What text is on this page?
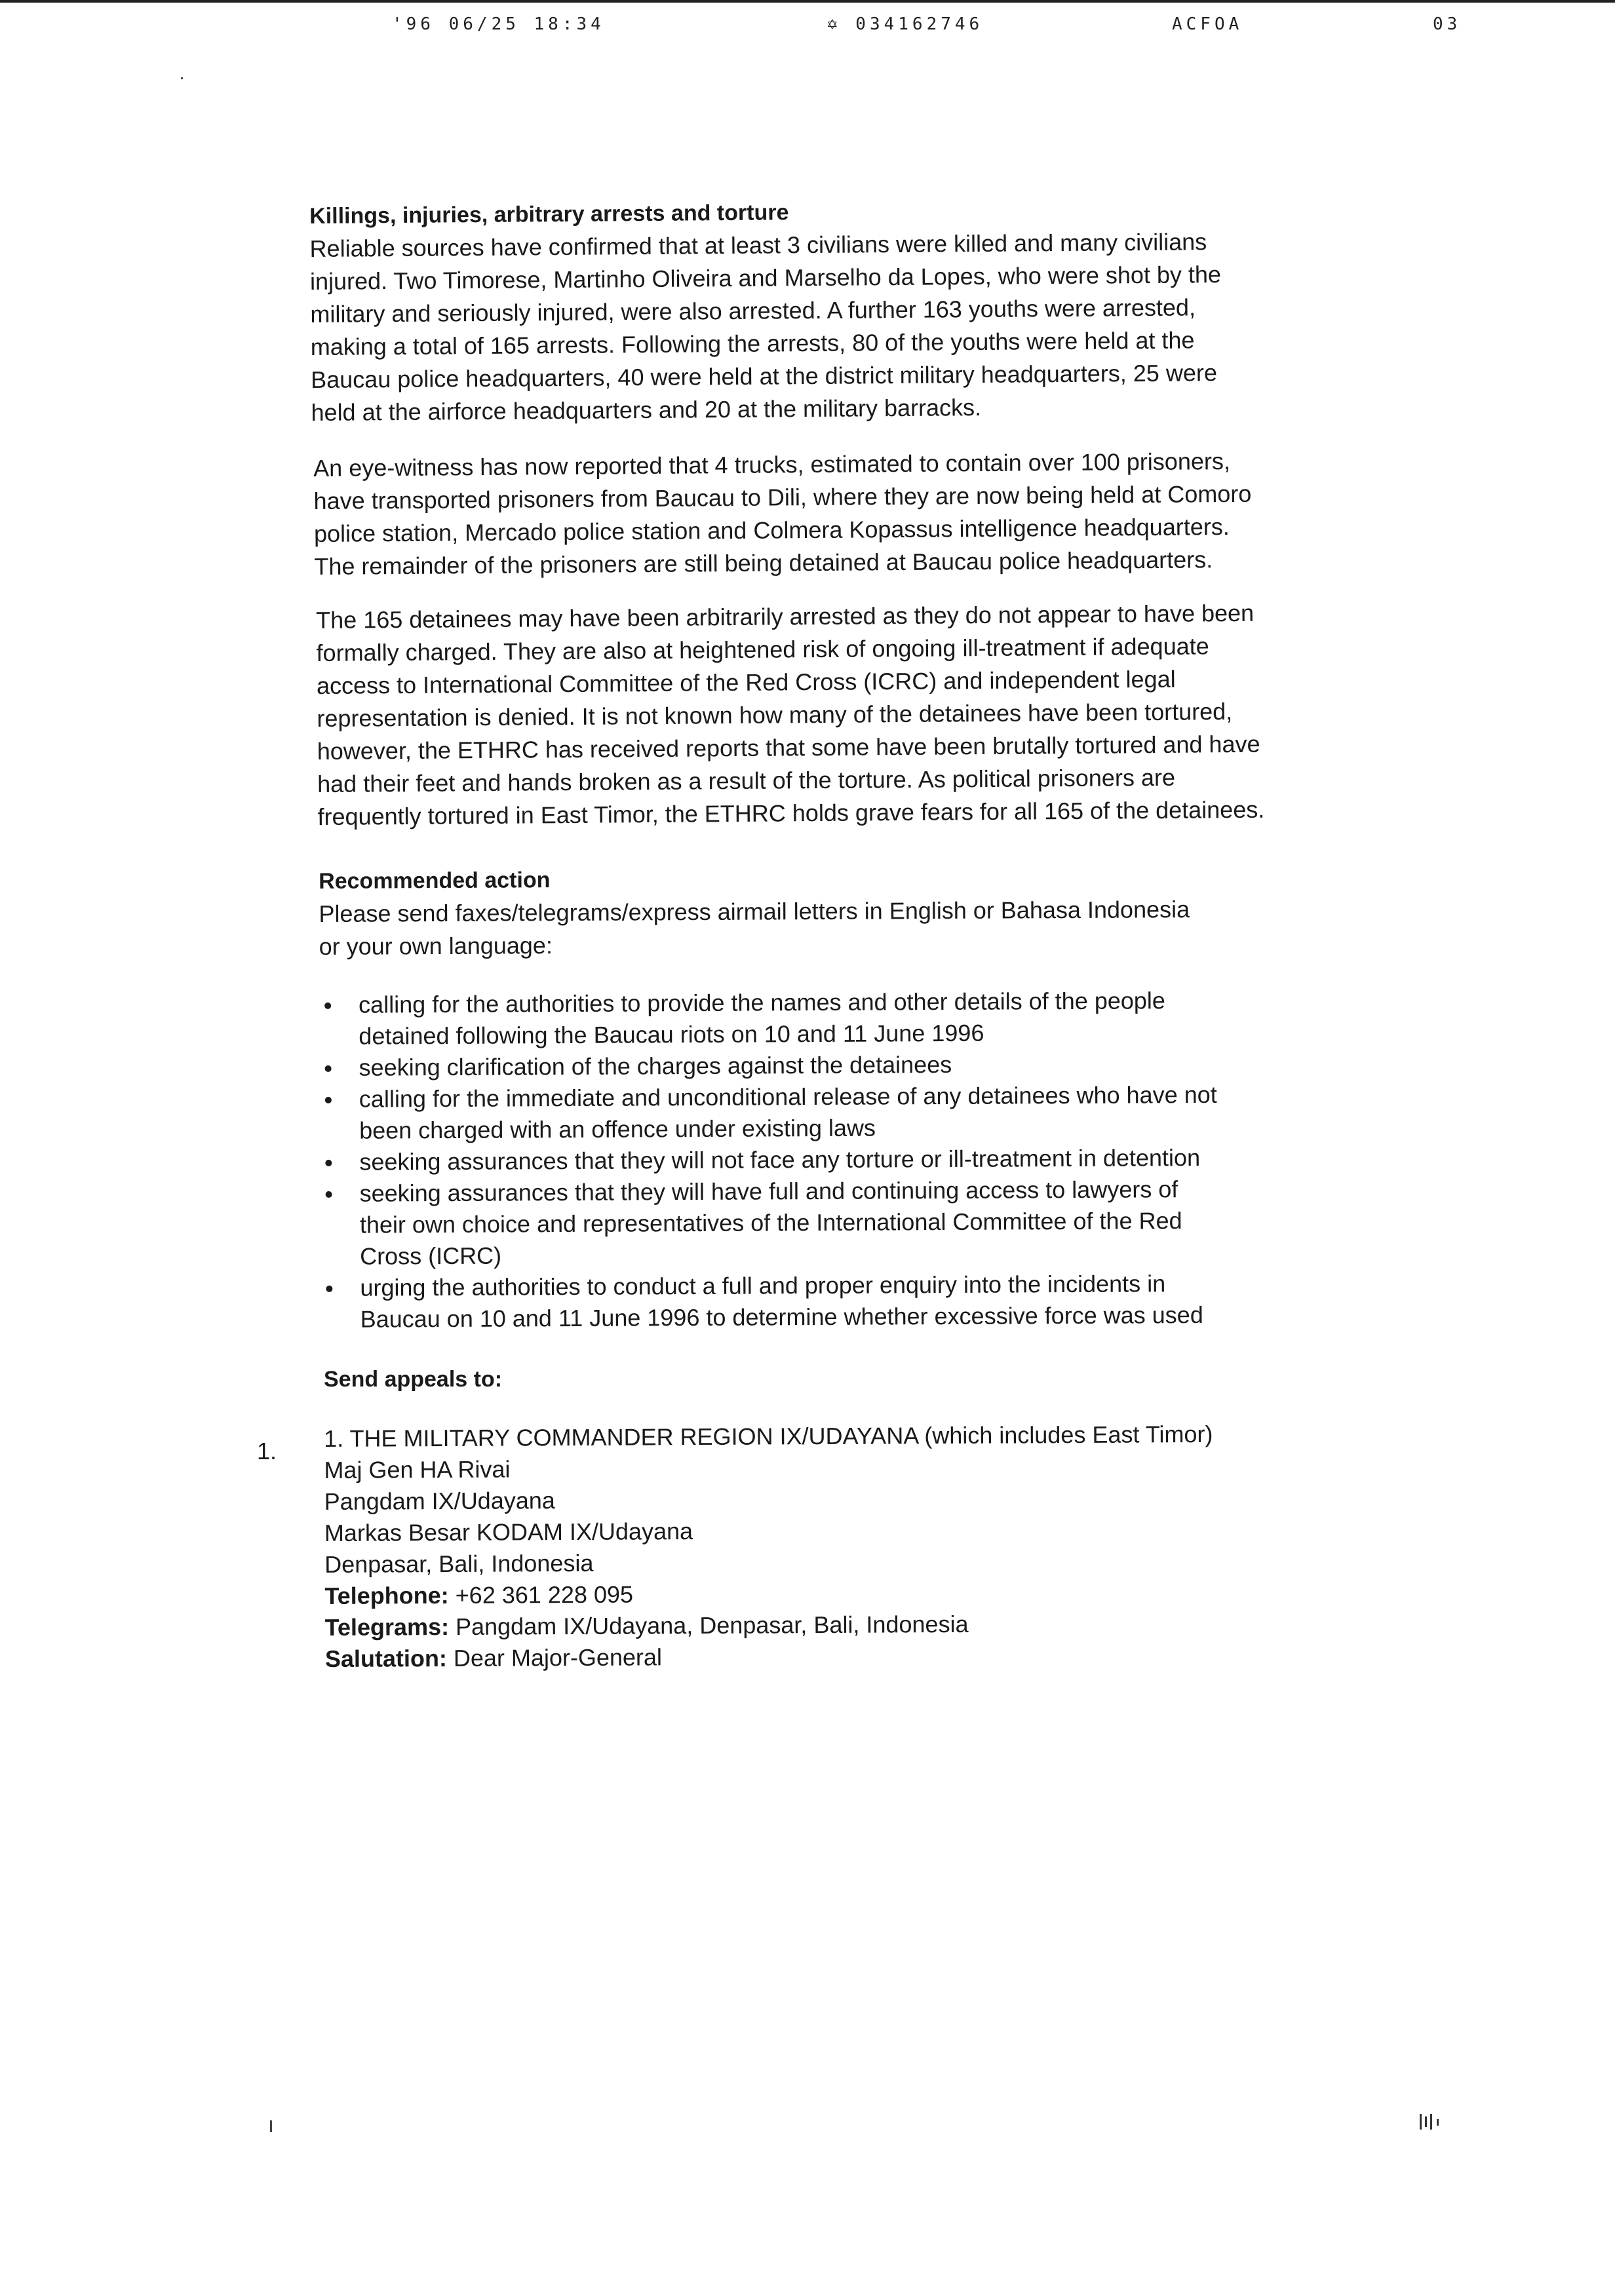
'96 06/25 18:34	✡ 034162746	ACFOA	03
Killings, injuries, arbitrary arrests and torture
Reliable sources have confirmed that at least 3 civilians were killed and many civilians
injured. Two Timorese, Martinho Oliveira and Marselho da Lopes, who were shot by the
military and seriously injured, were also arrested. A further 163 youths were arrested,
making a total of 165 arrests. Following the arrests, 80 of the youths were held at the
Baucau police headquarters, 40 were held at the district military headquarters, 25 were
held at the airforce headquarters and 20 at the military barracks.
An eye-witness has now reported that 4 trucks, estimated to contain over 100 prisoners,
have transported prisoners from Baucau to Dili, where they are now being held at Comoro
police station, Mercado police station and Colmera Kopassus intelligence headquarters.
The remainder of the prisoners are still being detained at Baucau police headquarters.
The 165 detainees may have been arbitrarily arrested as they do not appear to have been
formally charged. They are also at heightened risk of ongoing ill-treatment if adequate
access to International Committee of the Red Cross (ICRC) and independent legal
representation is denied. It is not known how many of the detainees have been tortured,
however, the ETHRC has received reports that some have been brutally tortured and have
had their feet and hands broken as a result of the torture. As political prisoners are
frequently tortured in East Timor, the ETHRC holds grave fears for all 165 of the detainees.
Recommended action
Please send faxes/telegrams/express airmail letters in English or Bahasa Indonesia
or your own language:
calling for the authorities to provide the names and other details of the people
detained following the Baucau riots on 10 and 11 June 1996
seeking clarification of the charges against the detainees
calling for the immediate and unconditional release of any detainees who have not
been charged with an offence under existing laws
seeking assurances that they will not face any torture or ill-treatment in detention
seeking assurances that they will have full and continuing access to lawyers of
their own choice and representatives of the International Committee of the Red
Cross (ICRC)
urging the authorities to conduct a full and proper enquiry into the incidents in
Baucau on 10 and 11 June 1996 to determine whether excessive force was used
Send appeals to:
1. 1. THE MILITARY COMMANDER REGION IX/UDAYANA (which includes East Timor)
Maj Gen HA Rivai
Pangdam IX/Udayana
Markas Besar KODAM IX/Udayana
Denpasar, Bali, Indonesia
Telephone: +62 361 228 095
Telegrams: Pangdam IX/Udayana, Denpasar, Bali, Indonesia
Salutation: Dear Major-General
